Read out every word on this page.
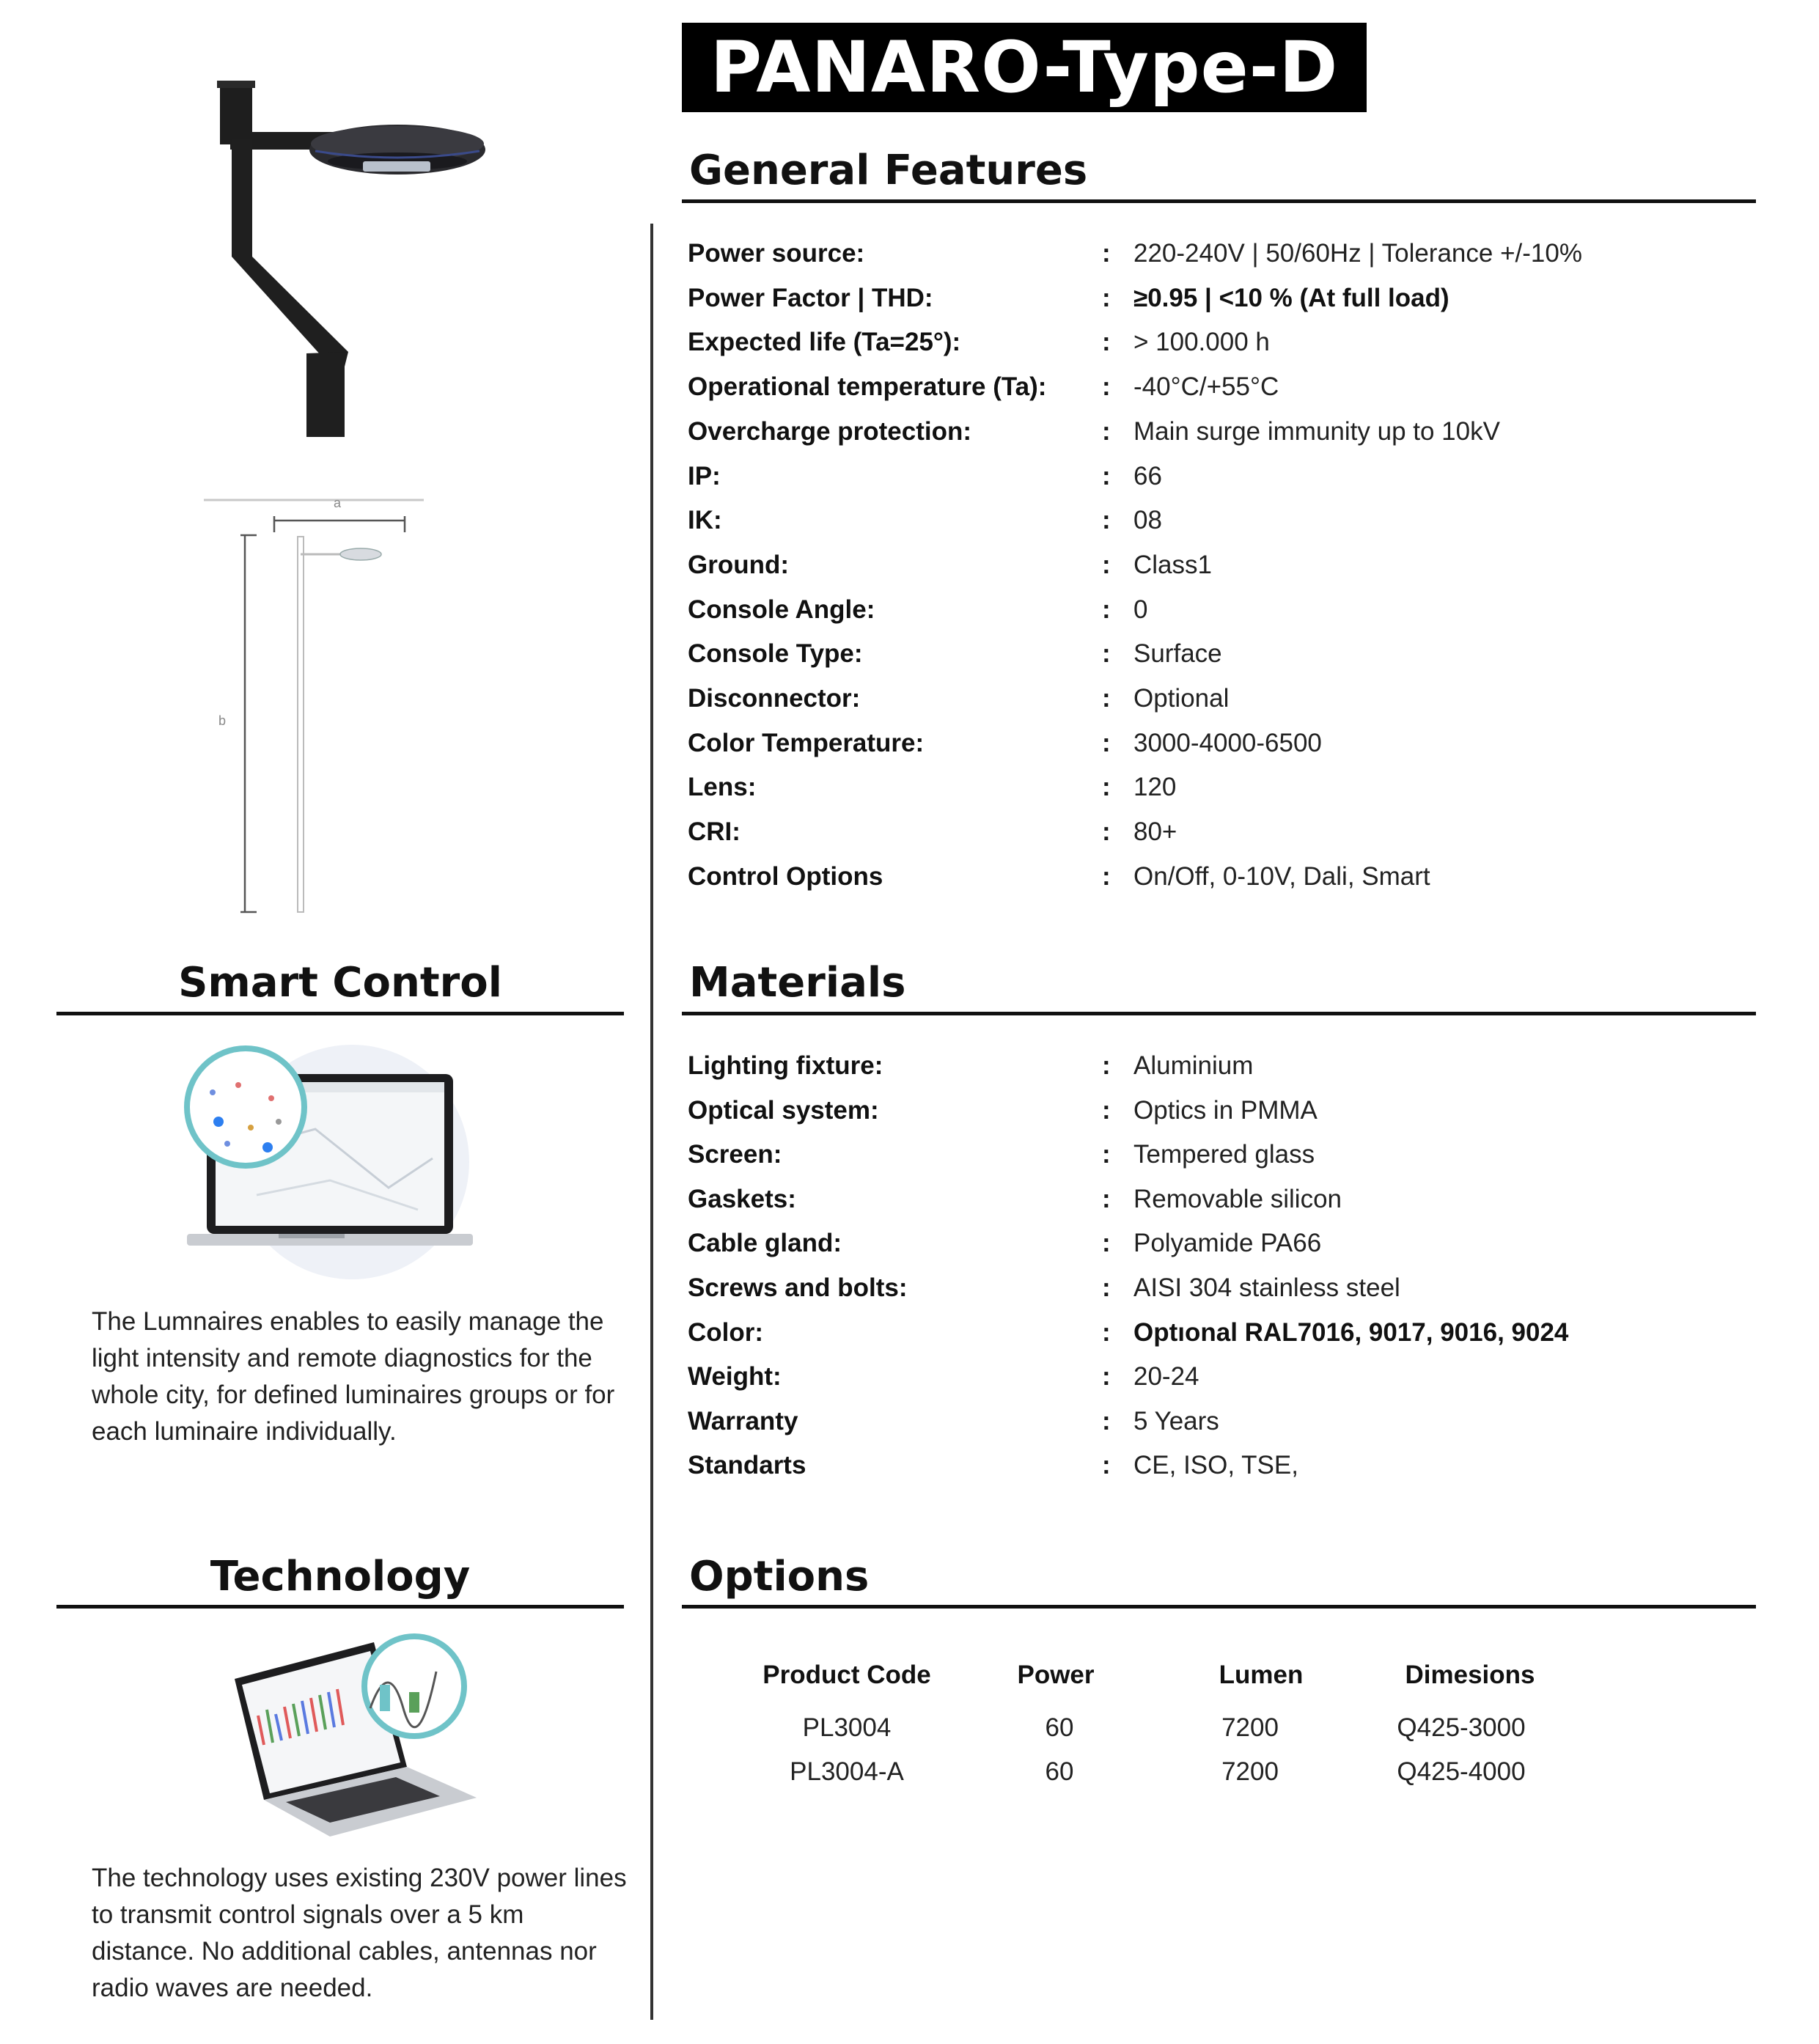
PANARO-Type-D
a
b
General Features
Power source:	: 220-240V | 50/60Hz | Tolerance +/-10%
Power Factor | THD:	: ≥0.95 | <10 % (At full load)
Expected life (Ta=25°):	: > 100.000 h
Operational temperature (Ta): : -40°C/+55°C
Overcharge protection:	: Main surge immunity up to 10kV
IP:	: 66
IK:	: 08
Ground:	: Class1
Console Angle:	: 0
Console Type:	: Surface
Disconnector:	: Optional
Color Temperature:	: 3000-4000-6500
Lens:	: 120
CRI:	: 80+
Control Options	: On/Off, 0-10V, Dali, Smart
Materials
Lighting fixture:	: Aluminium
Optical system:	: Optics in PMMA
Screen:	: Tempered glass
Gaskets:	: Removable silicon
Cable gland:	: Polyamide PA66
Screws and bolts:	: AISI 304 stainless steel
Color:	: Optıonal RAL7016, 9017, 9016, 9024
Weight:	: 20-24
Warranty	: 5 Years
Standarts	: CE, ISO, TSE,
Options
Product Code	Power	Lumen	Dimesions
PL3004	60	7200	Q425-3000
PL3004-A	60	7200	Q425-4000
Smart Control
The Lumnaires enables to easily manage the light intensity and remote diagnostics for the whole city, for defined luminaires groups or for each luminaire individually.
Technology
The technology uses existing 230V power lines to transmit control signals over a 5 km distance. No additional cables, antennas nor radio waves are needed.
